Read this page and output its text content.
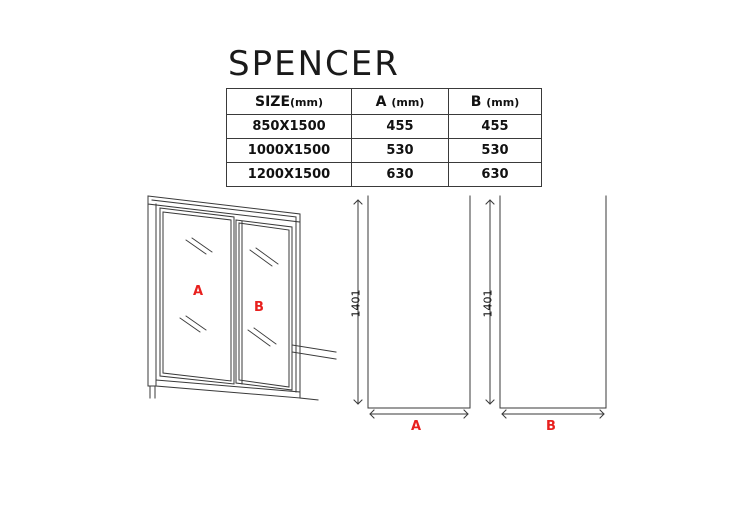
SPENCER
SIZE(mm)	A (mm)	B (mm)
850X1500	455	455
1000X1500	530	530
1200X1500	630	630
A
B	1401
A
1401
B
